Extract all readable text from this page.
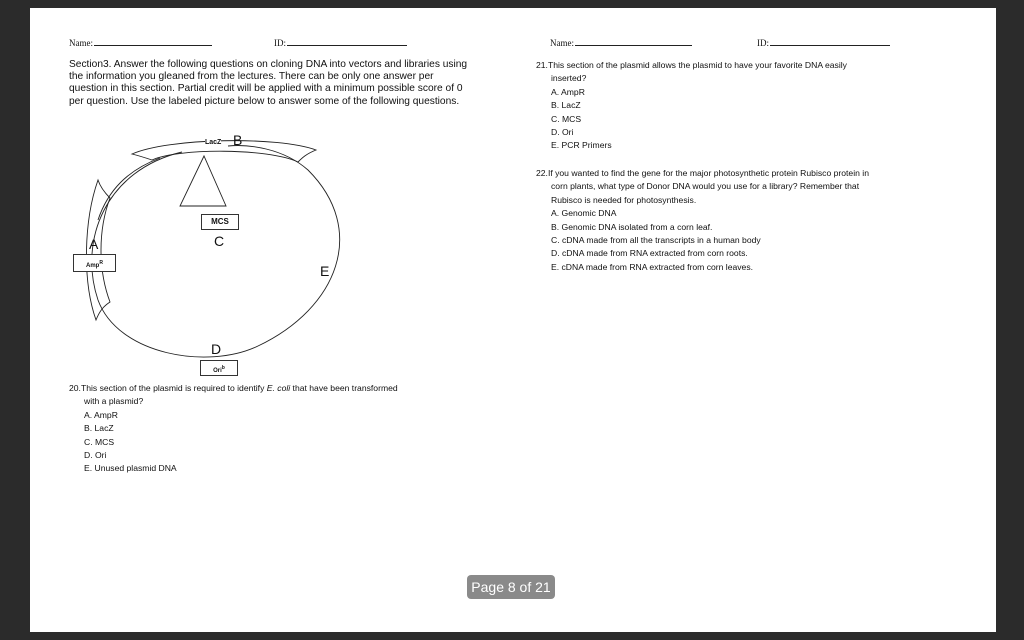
Name:	ID:	Name:	ID:
Section3. Answer the following questions on cloning DNA into vectors and libraries using the information you gleaned from the lectures. There can be only one answer per question in this section. Partial credit will be applied with a minimum possible score of 0 per question. Use the labeled picture below to answer some of the following questions.
LacZ B
MCS
C
A
Amp$^R$	E
D
Ori$^b$
20.This section of the plasmid is required to identify E. coli that have been transformed
with a plasmid?
A. AmpR
B. LacZ
C. MCS
D. Ori
E. Unused plasmid DNA
21.This section of the plasmid allows the plasmid to have your favorite DNA easily
inserted?
A. AmpR
B. LacZ
C. MCS
D. Ori
E. PCR Primers
22.If you wanted to find the gene for the major photosynthetic protein Rubisco protein in
corn plants, what type of Donor DNA would you use for a library? Remember that
Rubisco is needed for photosynthesis.
A. Genomic DNA
B. Genomic DNA isolated from a corn leaf.
C. cDNA made from all the transcripts in a human body
D. cDNA made from RNA extracted from corn roots.
E. cDNA made from RNA extracted from corn leaves.
Page 8 of 21
